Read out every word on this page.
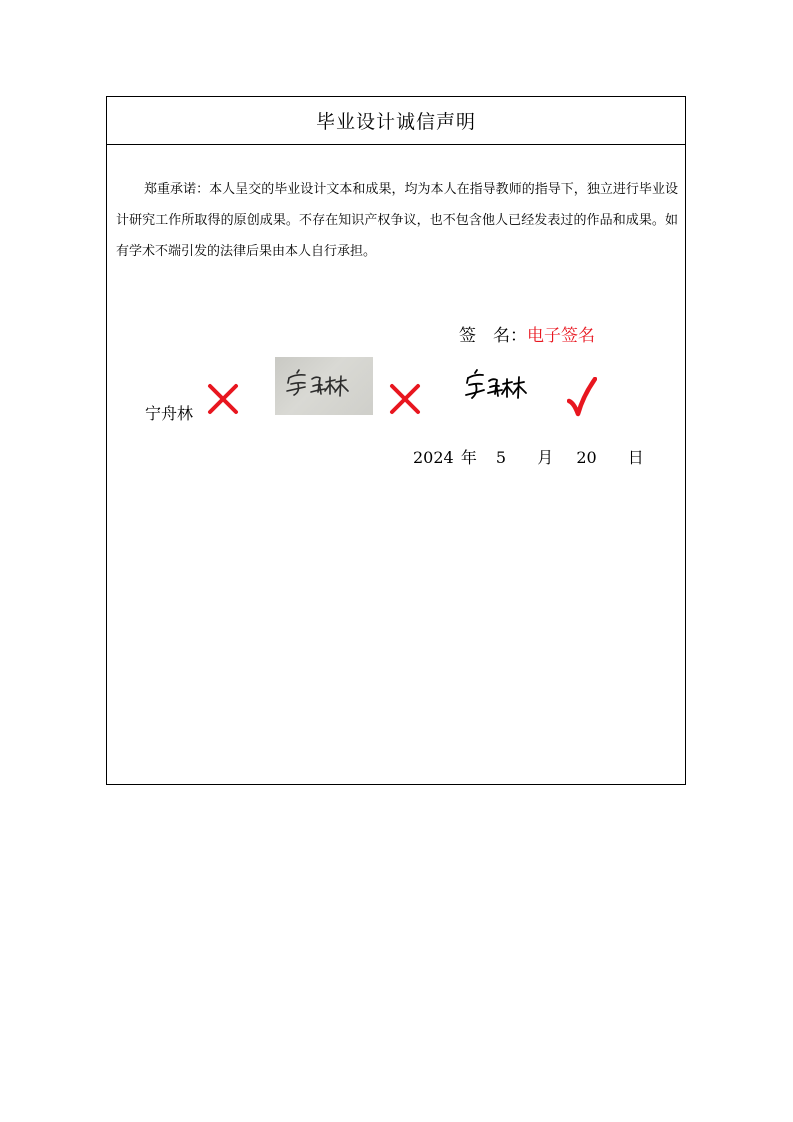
毕业设计诚信声明

郑重承诺：本人呈交的毕业设计文本和成果，均为本人在指导教师的指导下，独立进行毕业设计研究工作所取得的原创成果。不存在知识产权争议，也不包含他人已经发表过的作品和成果。如有学术不端引发的法律后果由本人自行承担。

签　名：电子签名
宁舟林
2024 年 5 月 20 日
